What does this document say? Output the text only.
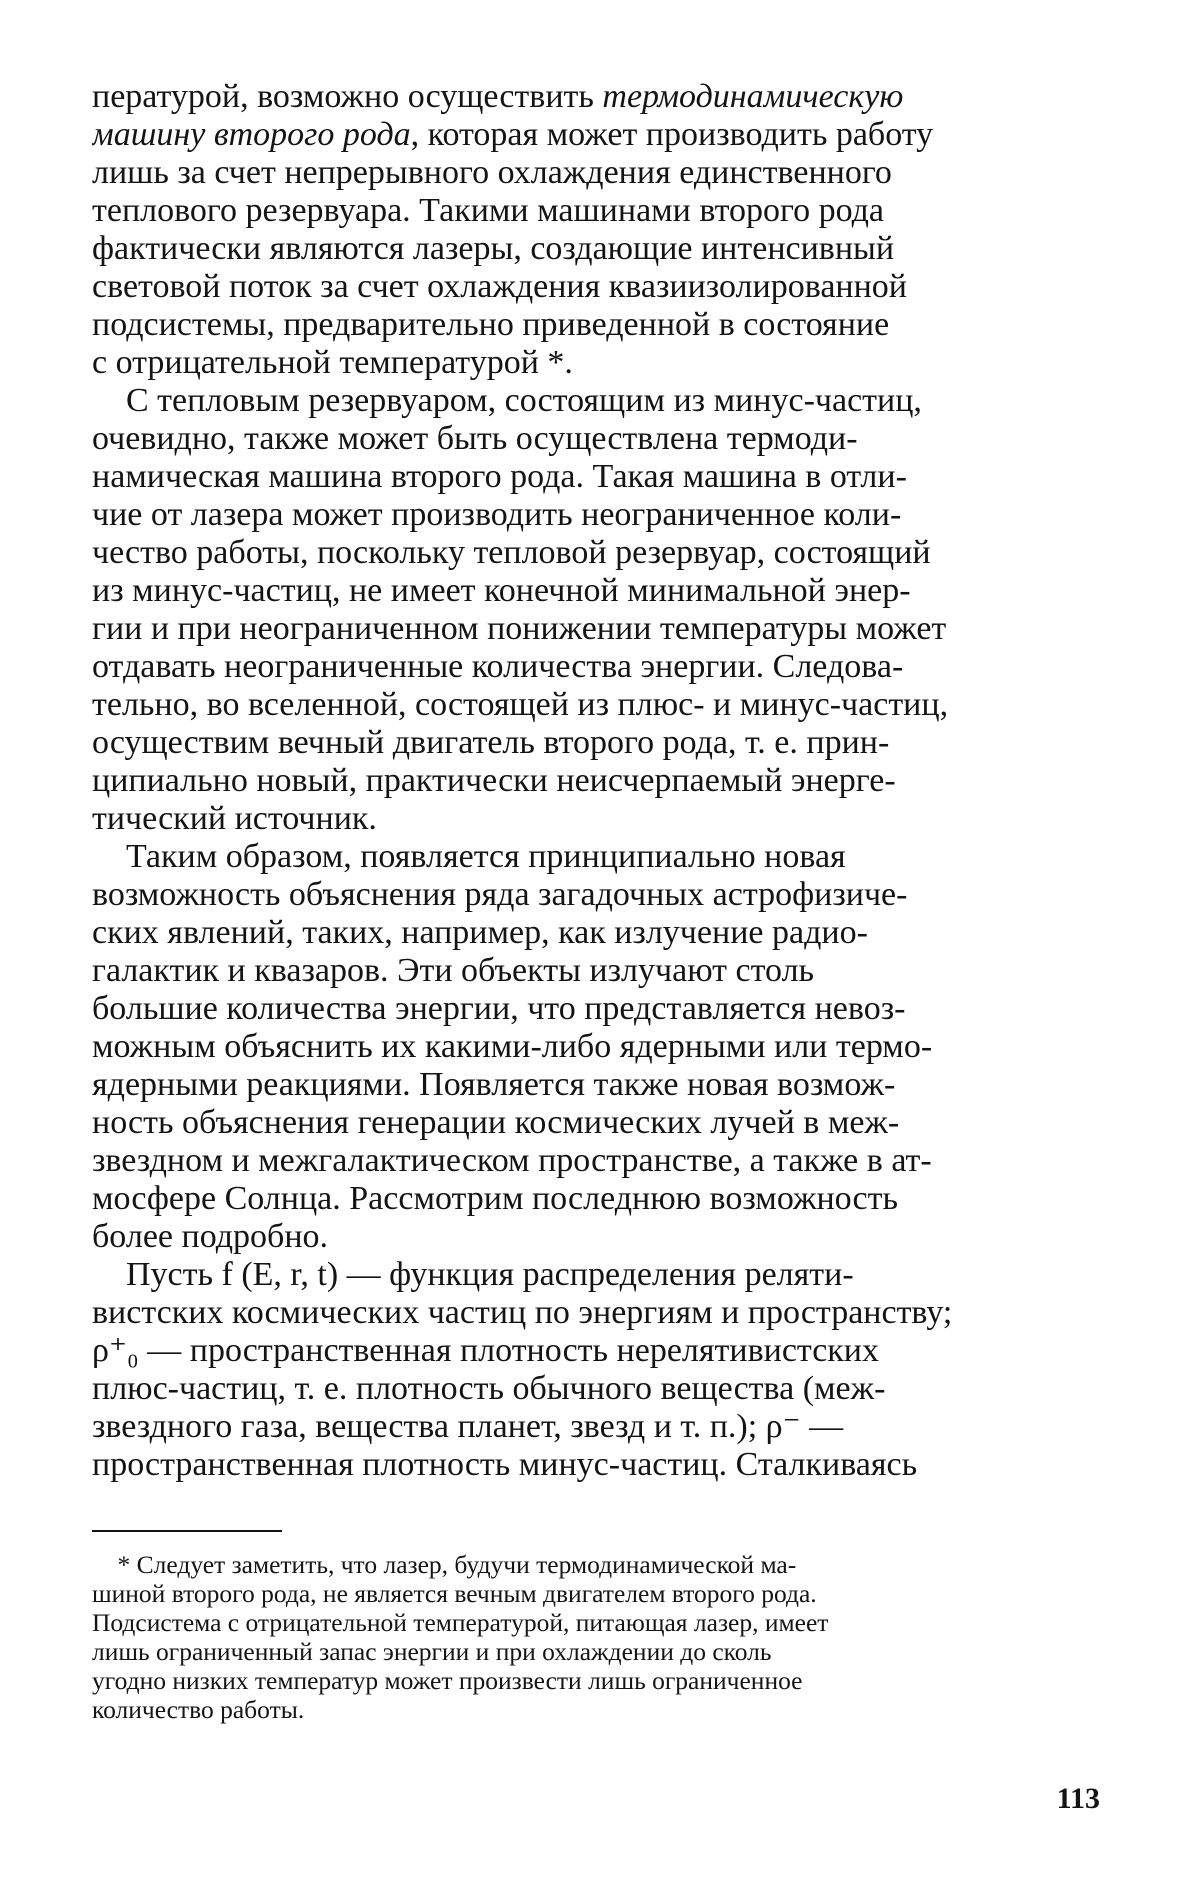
пературой, возможно осуществить термодинамическую
машину второго рода, которая может производить работу
лишь за счет непрерывного охлаждения единственного
теплового резервуара. Такими машинами второго рода
фактически являются лазеры, создающие интенсивный
световой поток за счет охлаждения квазиизолированной
подсистемы, предварительно приведенной в состояние
с отрицательной температурой *.
С тепловым резервуаром, состоящим из минус-частиц,
очевидно, также может быть осуществлена термоди-
намическая машина второго рода. Такая машина в отли-
чие от лазера может производить неограниченное коли-
чество работы, поскольку тепловой резервуар, состоящий
из минус-частиц, не имеет конечной минимальной энер-
гии и при неограниченном понижении температуры может
отдавать неограниченные количества энергии. Следова-
тельно, во вселенной, состоящей из плюс- и минус-частиц,
осуществим вечный двигатель второго рода, т. е. прин-
ципиально новый, практически неисчерпаемый энерге-
тический источник.
Таким образом, появляется принципиально новая
возможность объяснения ряда загадочных астрофизиче-
ских явлений, таких, например, как излучение радио-
галактик и квазаров. Эти объекты излучают столь
большие количества энергии, что представляется невоз-
можным объяснить их какими-либо ядерными или термо-
ядерными реакциями. Появляется также новая возмож-
ность объяснения генерации космических лучей в меж-
звездном и межгалактическом пространстве, а также в ат-
мосфере Солнца. Рассмотрим последнюю возможность
более подробно.
Пусть f (E, r, t) — функция распределения реляти-
вистских космических частиц по энергиям и пространству;
ρ⁺₀ — пространственная плотность нерелятивистских
плюс-частиц, т. е. плотность обычного вещества (меж-
звездного газа, вещества планет, звезд и т. п.); ρ⁻ —
пространственная плотность минус-частиц. Сталкиваясь
* Следует заметить, что лазер, будучи термодинамической ма-
шиной второго рода, не является вечным двигателем второго рода.
Подсистема с отрицательной температурой, питающая лазер, имеет
лишь ограниченный запас энергии и при охлаждении до сколь
угодно низких температур может произвести лишь ограниченное
количество работы.
113
